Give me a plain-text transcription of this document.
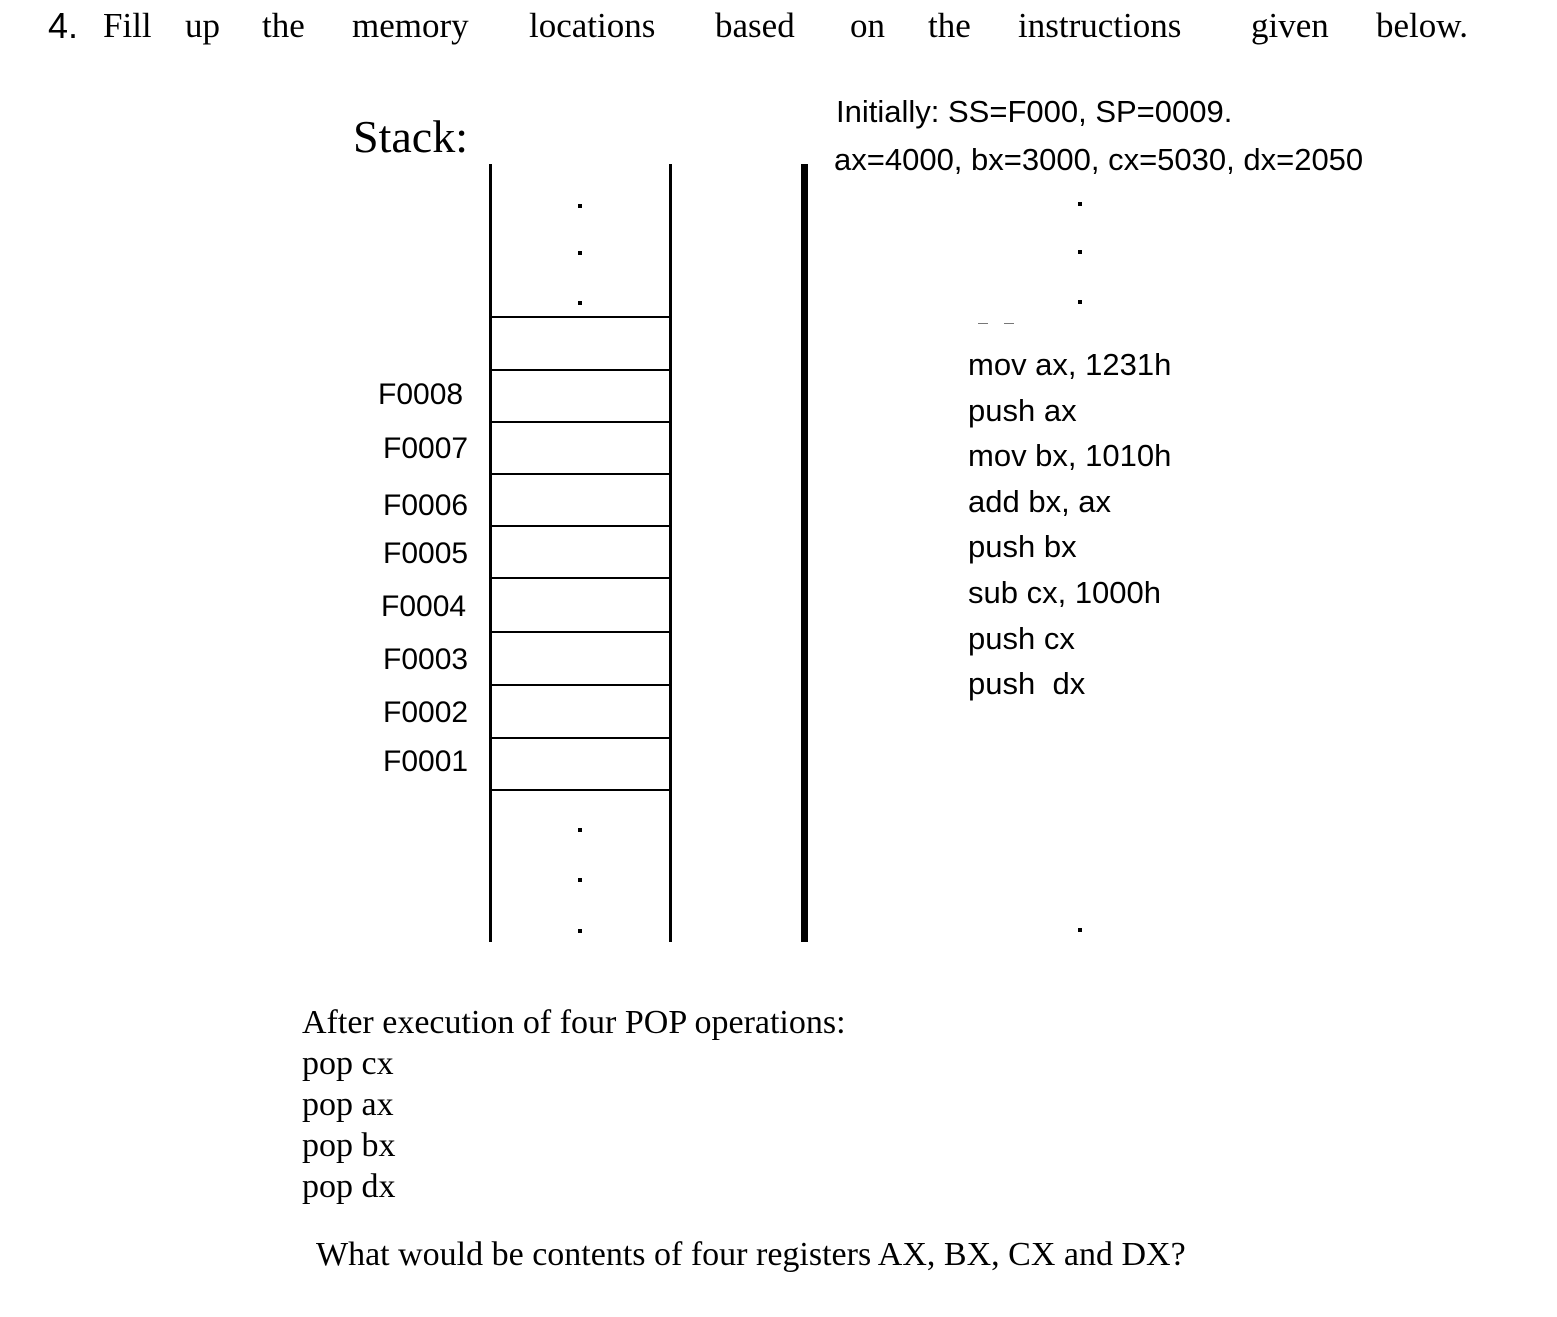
4. Fill up the memory locations based on the instructions given below.
Stack:
F0008
F0007
F0006
F0005
F0004
F0003
F0002
F0001
Initially: SS=F000, SP=0009.
ax=4000, bx=3000, cx=5030, dx=2050
mov ax, 1231h
push ax
mov bx, 1010h
add bx, ax
push bx
sub cx, 1000h
push cx
push  dx
After execution of four POP operations:
pop cx
pop ax
pop bx
pop dx
What would be contents of four registers AX, BX, CX and DX?
